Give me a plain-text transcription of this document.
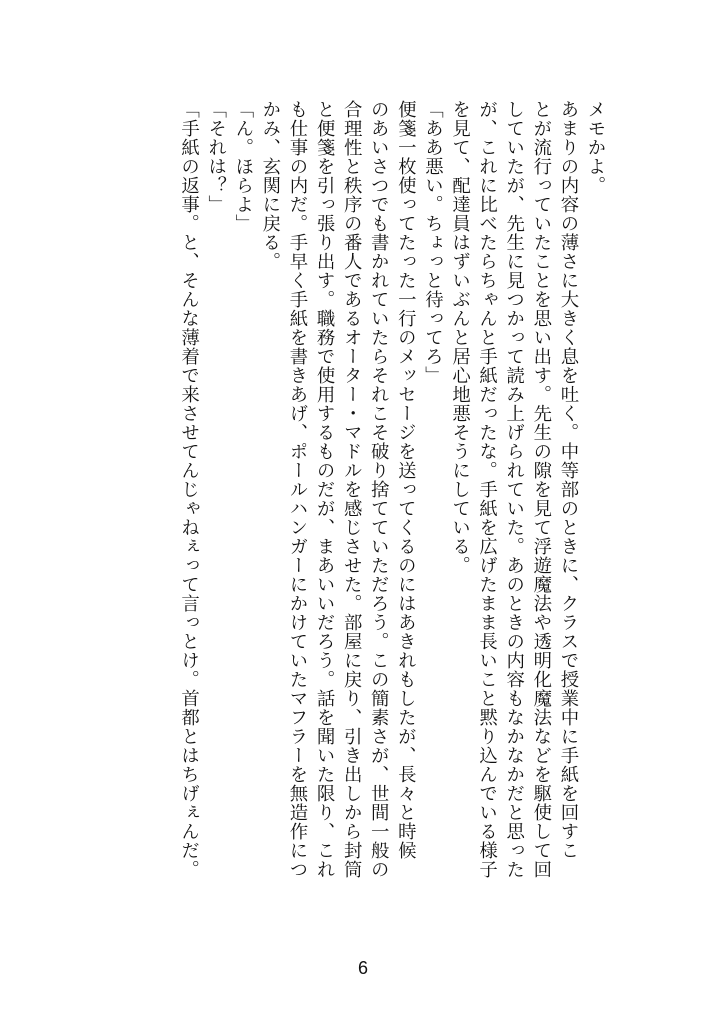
メモかよ。
あまりの内容の薄さに大きく息を吐く。中等部のときに、クラスで授業中に手紙を回すこ
とが流行っていたことを思い出す。先生の隙を見て浮遊魔法や透明化魔法などを駆使して回
していたが、先生に見つかって読み上げられていた。あのときの内容もなかなかだと思った
が、これに比べたらちゃんと手紙だったな。手紙を広げたまま長いこと黙り込んでいる様子
を見て、配達員はずいぶんと居心地悪そうにしている。
「ああ悪い。ちょっと待ってろ」
便箋一枚使ってたった一行のメッセージを送ってくるのにはあきれもしたが、長々と時候
のあいさつでも書かれていたらそれこそ破り捨てていただろう。この簡素さが、世間一般の
合理性と秩序の番人であるオーター・マドルを感じさせた。部屋に戻り、引き出しから封筒
と便箋を引っ張り出す。職務で使用するものだが、まあいいだろう。話を聞いた限り、これ
も仕事の内だ。手早く手紙を書きあげ、ポールハンガーにかけていたマフラーを無造作につ
かみ、玄関に戻る。
「ん。ほらよ」
「それは？」
「手紙の返事。と、そんな薄着で来させてんじゃねぇって言っとけ。首都とはちげぇんだ。
6
